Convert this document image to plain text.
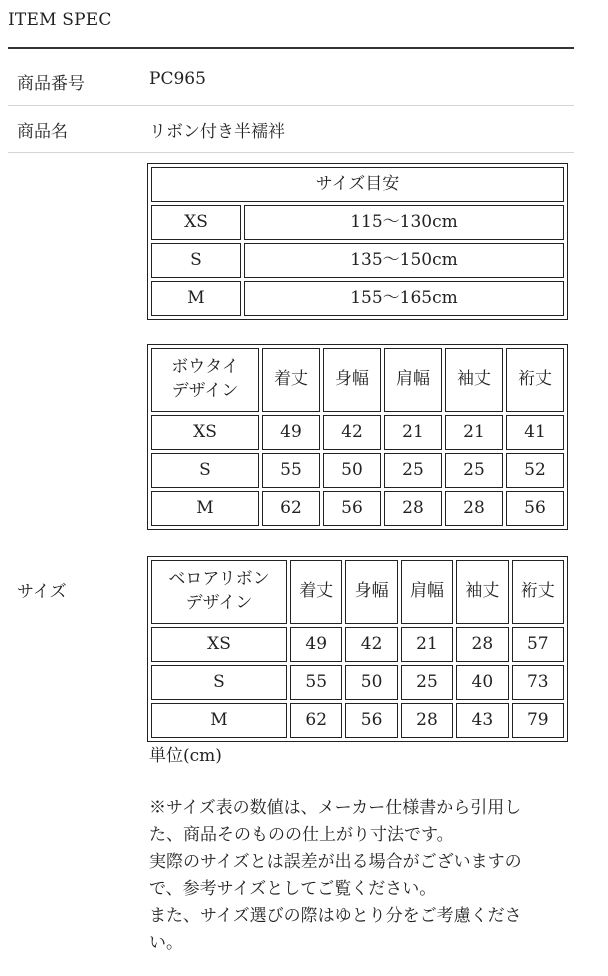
ITEM SPEC
商品番号	PC965
商品名	リボン付き半襦袢
サイズ
サイズ目安	
XS	115〜130cm
S	135〜150cm
M	155〜165cm
ボウタイ
デザイン	着丈	身幅	肩幅	袖丈	裄丈
XS	49	42	21	21	41
S	55	50	25	25	52
M	62	56	28	28	56
ベロアリボン
デザイン	着丈	身幅	肩幅	袖丈	裄丈
XS	49	42	21	28	57
S	55	50	25	40	73
M	62	56	28	43	79
単位(cm)
※サイズ表の数値は、メーカー仕様書から引用し
た、商品そのものの仕上がり寸法です。
実際のサイズとは誤差が出る場合がございますの
で、参考サイズとしてご覧ください。
また、サイズ選びの際はゆとり分をご考慮くださ
い。
